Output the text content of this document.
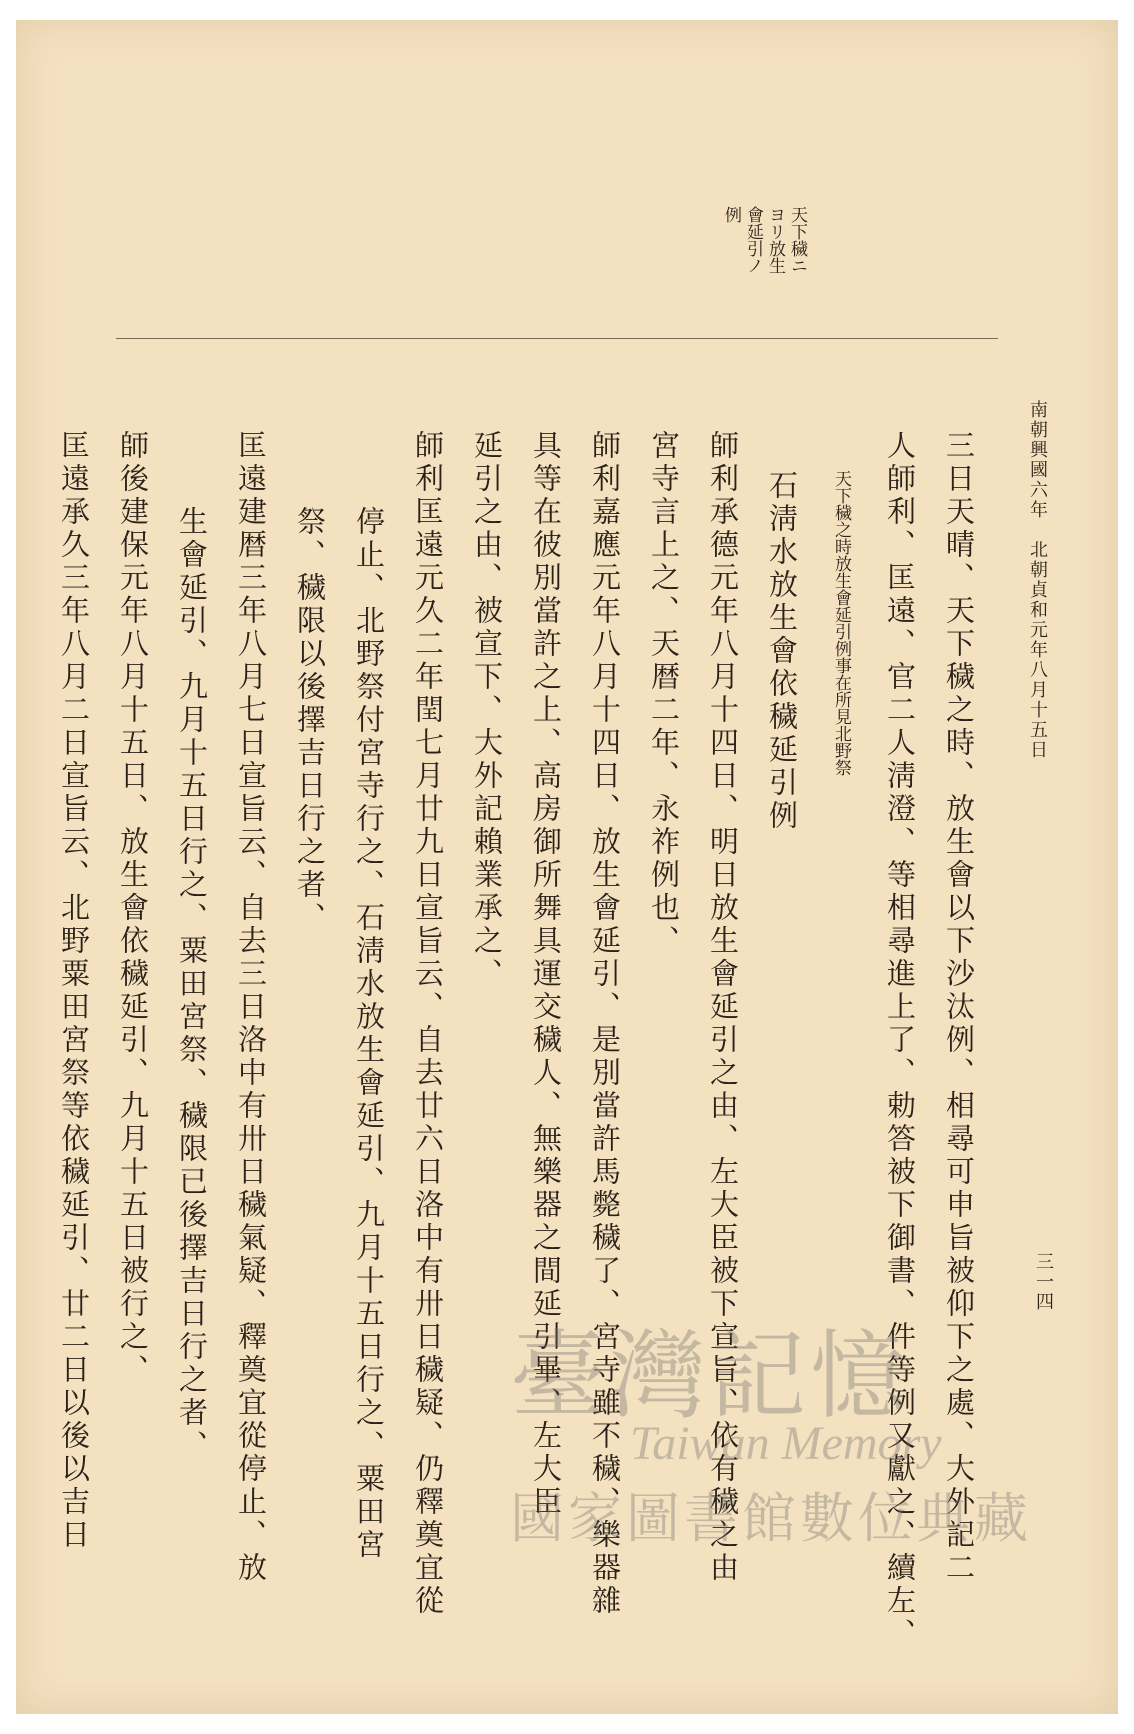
南朝興國六年　北朝貞和元年八月十五日
三一四
天下穢ニ
ヨリ放生
會延引ノ
例
三日天晴、天下穢之時、放生會以下沙汰例、相尋可申旨被仰下之處、大外記二
人師利、匡遠、官二人淸澄、等相尋進上了、勅答被下御書、件等例又獻之、續左、
天下穢之時放生會延引例事在所見北野祭
石淸水放生會依穢延引例
師利承德元年八月十四日、明日放生會延引之由、左大臣被下宣旨、依有穢之由
宮寺言上之、天暦二年、永祚例也、
師利嘉應元年八月十四日、放生會延引、是別當許馬斃穢了、宮寺雖不穢、樂器雜
具等在彼別當許之上、高房御所舞具運交穢人、無樂器之間延引畢、左大臣
延引之由、被宣下、大外記賴業承之、
師利匡遠元久二年閏七月廿九日宣旨云、自去廿六日洛中有卅日穢疑、仍釋奠宜從
停止、北野祭付宮寺行之、石淸水放生會延引、九月十五日行之、粟田宮
祭、穢限以後擇吉日行之者、
匡遠建暦三年八月七日宣旨云、自去三日洛中有卅日穢氣疑、釋奠宜從停止、放
生會延引、九月十五日行之、粟田宮祭、穢限已後擇吉日行之者、
師後建保元年八月十五日、放生會依穢延引、九月十五日被行之、
匡遠承久三年八月二日宣旨云、北野粟田宮祭等依穢延引、廿二日以後以吉日	臺灣記憶
Taiwan Memory
國家圖書館數位典藏
